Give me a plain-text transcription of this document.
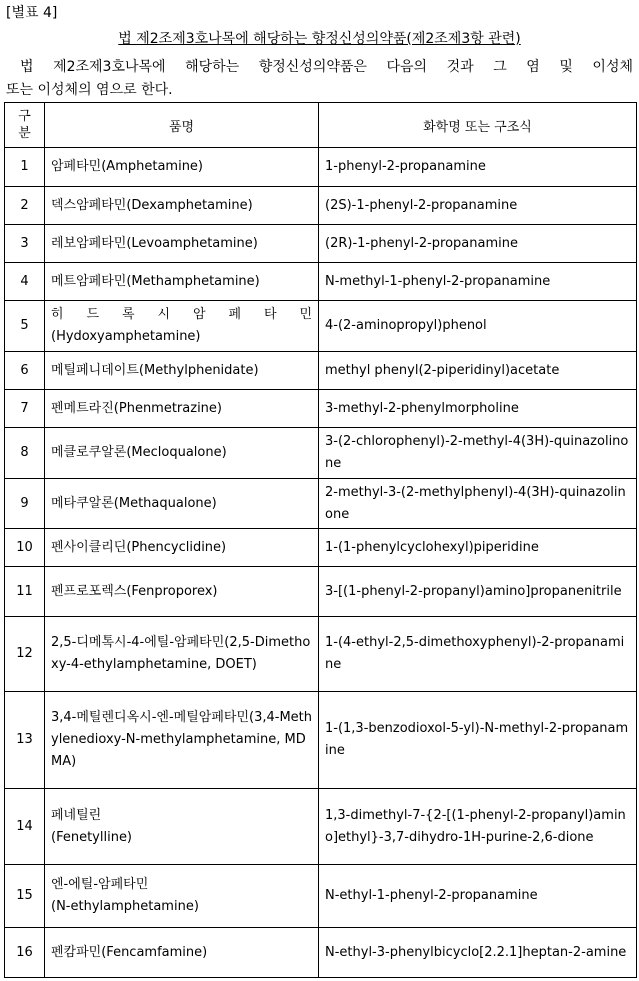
[별표 4]
법 제2조제3호나목에 해당하는 향정신성의약품(제2조제3항 관련)
법 제2조제3호나목에 해당하는 향정신성의약품은 다음의 것과 그 염 및 이성체
또는 이성체의 염으로 한다.
구
분	품명	화학명 또는 구조식
1	암페타민(Amphetamine)	1-phenyl-2-propanamine
2	덱스암페타민(Dexamphetamine)	(2S)-1-phenyl-2-propanamine
3	레보암페타민(Levoamphetamine)	(2R)-1-phenyl-2-propanamine
4	메트암페타민(Methamphetamine)	N-methyl-1-phenyl-2-propanamine
5	히 드 록 시 암 페 타 민
(Hydoxyamphetamine)	4-(2-aminopropyl)phenol
6	메틸페니데이트(Methylphenidate)	methyl phenyl(2-piperidinyl)acetate
7	펜메트라진(Phenmetrazine)	3-methyl-2-phenylmorpholine
8	메클로쿠알론(Mecloqualone)	3-(2-chlorophenyl)-2-methyl-4(3H)-quinazolinone
9	메타쿠알론(Methaqualone)	2-methyl-3-(2-methylphenyl)-4(3H)-quinazolinone
10	펜사이클리딘(Phencyclidine)	1-(1-phenylcyclohexyl)piperidine
11	펜프로포렉스(Fenproporex)	3-[(1-phenyl-2-propanyl)amino]propanenitrile
12	2,5-디메톡시-4-에틸-암페타민(2,5-Dimethoxy-4-ethylamphetamine, DOET)	1-(4-ethyl-2,5-dimethoxyphenyl)-2-propanamine
13	3,4-메틸렌디옥시-엔-메틸암페타민(3,4-Methylenedioxy-N-methylamphetamine, MDMA)	1-(1,3-benzodioxol-5-yl)-N-methyl-2-propanamine
14	페네틸린
(Fenetylline)	1,3-dimethyl-7-{2-[(1-phenyl-2-propanyl)amino]ethyl}-3,7-dihydro-1H-purine-2,6-dione
15	엔-에틸-암페타민
(N-ethylamphetamine)	N-ethyl-1-phenyl-2-propanamine
16	펜캄파민(Fencamfamine)	N-ethyl-3-phenylbicyclo[2.2.1]heptan-2-amine
